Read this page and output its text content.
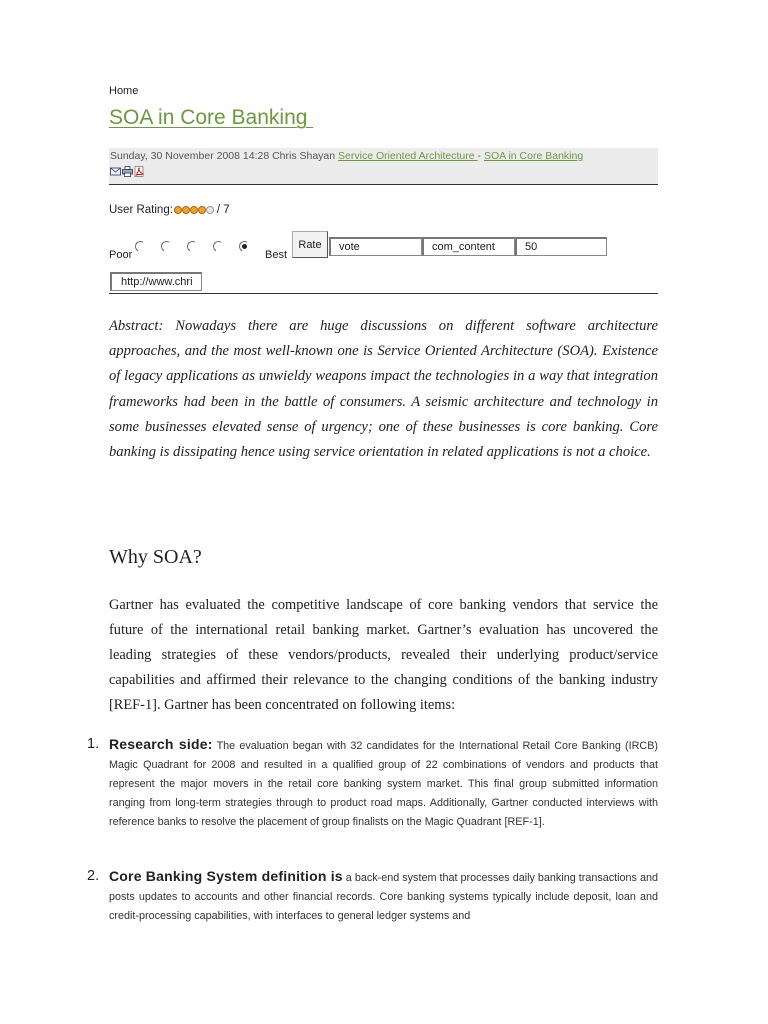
Home
SOA in Core Banking
Sunday, 30 November 2008 14:28 Chris Shayan Service Oriented Architecture - SOA in Core Banking
User Rating:	/ 7
Poor	Best
Rate
vote
com_content
50
http://www.chris
Abstract: Nowadays there are huge discussions on different software architecture approaches, and the most well-known one is Service Oriented Architecture (SOA). Existence of legacy applications as unwieldy weapons impact the technologies in a way that integration frameworks had been in the battle of consumers. A seismic architecture and technology in some businesses elevated sense of urgency; one of these businesses is core banking. Core banking is dissipating hence using service orientation in related applications is not a choice.
Why SOA?
Gartner has evaluated the competitive landscape of core banking vendors that service the future of the international retail banking market. Gartner’s evaluation has uncovered the leading strategies of these vendors/products, revealed their underlying product/service capabilities and affirmed their relevance to the changing conditions of the banking industry [REF-1]. Gartner has been concentrated on following items:
1. Research side: The evaluation began with 32 candidates for the International Retail Core Banking (IRCB) Magic Quadrant for 2008 and resulted in a qualified group of 22 combinations of vendors and products that represent the major movers in the retail core banking system market. This final group submitted information ranging from long-term strategies through to product road maps. Additionally, Gartner conducted interviews with reference banks to resolve the placement of group finalists on the Magic Quadrant [REF-1].
2. Core Banking System definition is a back-end system that processes daily banking transactions and posts updates to accounts and other financial records. Core banking systems typically include deposit, loan and credit-processing capabilities, with interfaces to general ledger systems and
